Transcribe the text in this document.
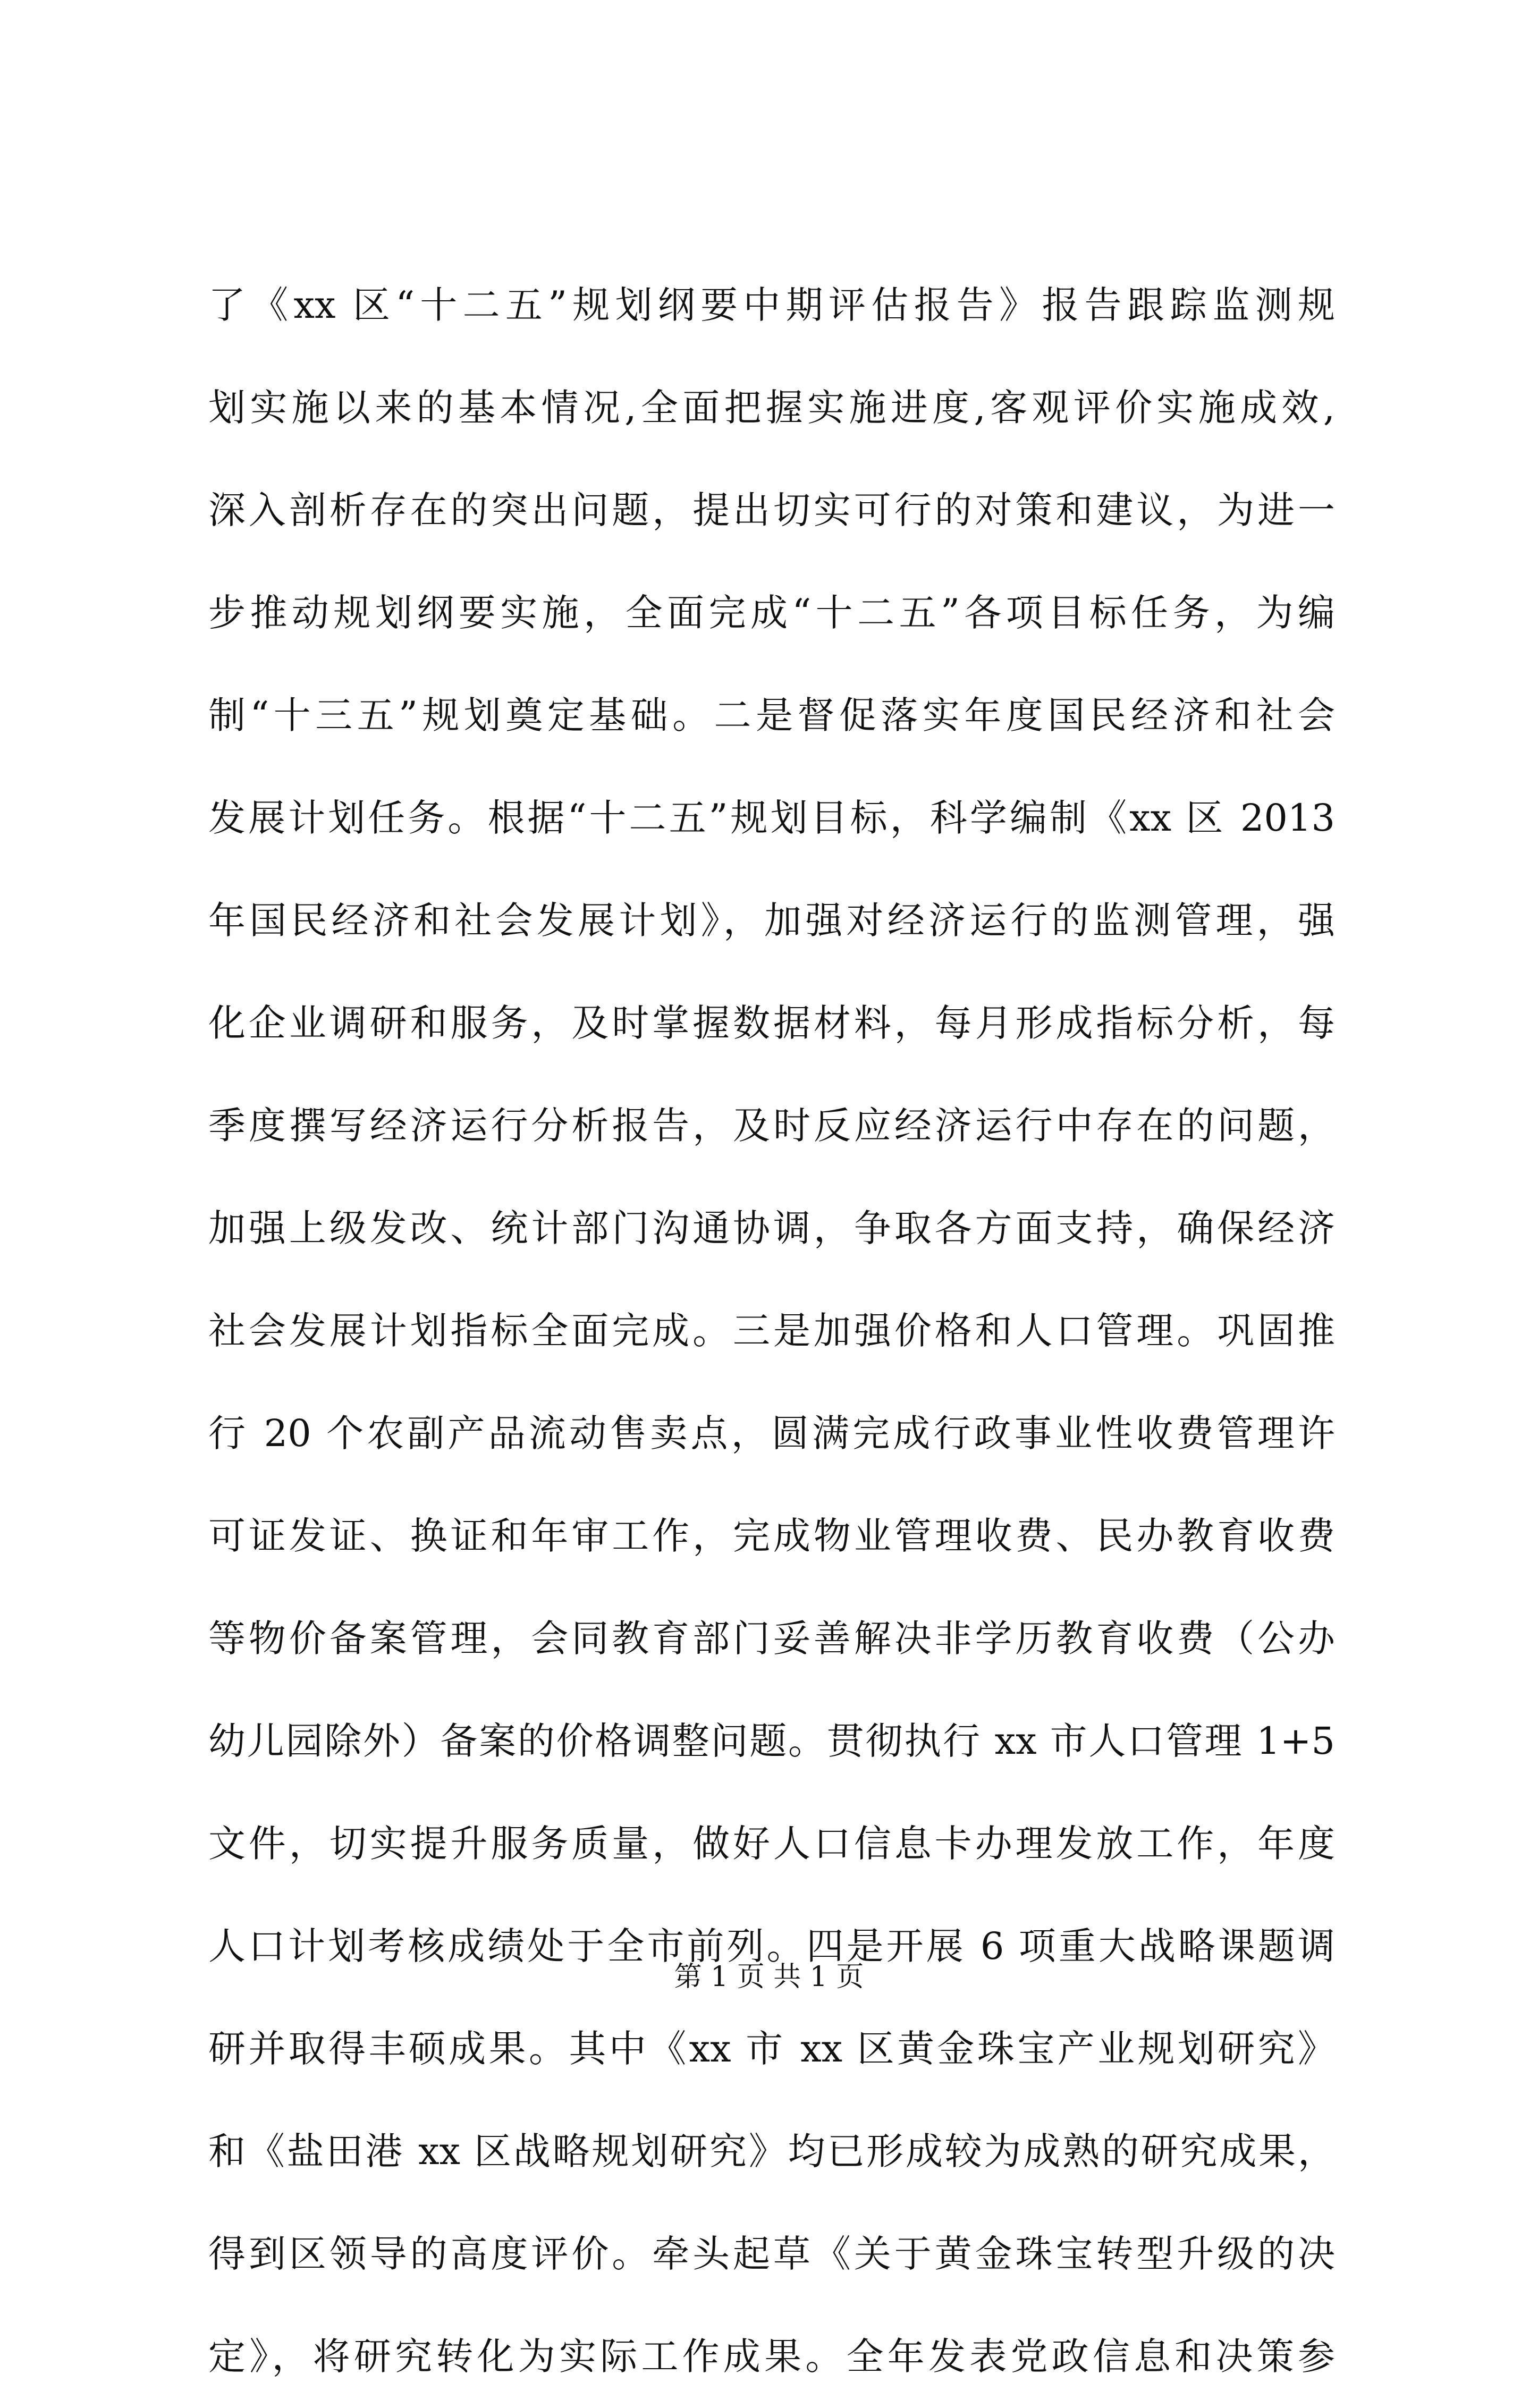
了《xx 区“十二五”规划纲要中期评估报告》报告跟踪监测规
划实施以来的基本情况,全面把握实施进度,客观评价实施成效,
深入剖析存在的突出问题，提出切实可行的对策和建议，为进一
步推动规划纲要实施，全面完成“十二五”各项目标任务，为编
制“十三五”规划奠定基础。二是督促落实年度国民经济和社会
发展计划任务。根据“十二五”规划目标，科学编制《xx 区 2013
年国民经济和社会发展计划》，加强对经济运行的监测管理，强
化企业调研和服务，及时掌握数据材料，每月形成指标分析，每
季度撰写经济运行分析报告，及时反应经济运行中存在的问题，
加强上级发改、统计部门沟通协调，争取各方面支持，确保经济
社会发展计划指标全面完成。三是加强价格和人口管理。巩固推
行 20 个农副产品流动售卖点，圆满完成行政事业性收费管理许
可证发证、换证和年审工作，完成物业管理收费、民办教育收费
等物价备案管理，会同教育部门妥善解决非学历教育收费（公办
幼儿园除外）备案的价格调整问题。贯彻执行 xx 市人口管理 1+5
文件，切实提升服务质量，做好人口信息卡办理发放工作，年度
人口计划考核成绩处于全市前列。四是开展 6 项重大战略课题调
研并取得丰硕成果。其中《xx 市 xx 区黄金珠宝产业规划研究》
和《盐田港 xx 区战略规划研究》均已形成较为成熟的研究成果，
得到区领导的高度评价。牵头起草《关于黄金珠宝转型升级的决
定》，将研究转化为实际工作成果。全年发表党政信息和决策参
第 1 页 共 1 页
